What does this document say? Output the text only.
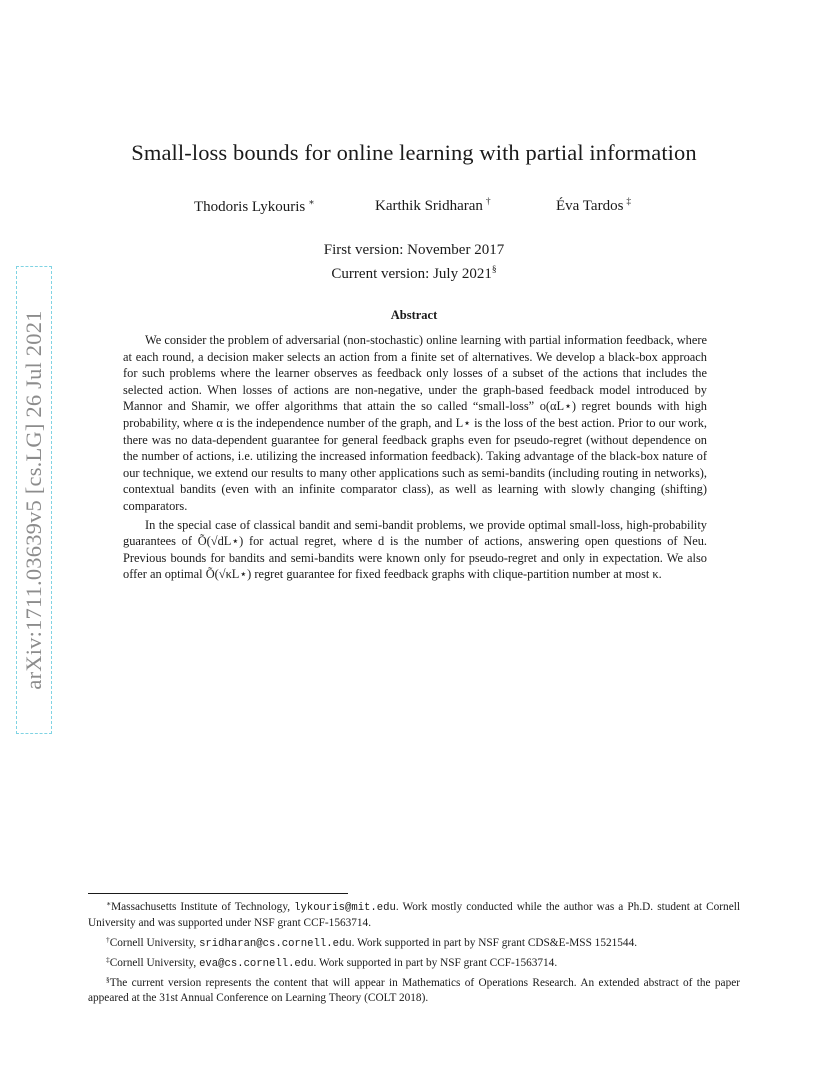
arXiv:1711.03639v5 [cs.LG] 26 Jul 2021
Small-loss bounds for online learning with partial information
Thodoris Lykouris ∗	Karthik Sridharan †	Éva Tardos ‡
First version: November 2017
Current version: July 2021§
Abstract

We consider the problem of adversarial (non-stochastic) online learning with partial information feedback, where at each round, a decision maker selects an action from a finite set of alternatives. We develop a black-box approach for such problems where the learner observes as feedback only losses of a subset of the actions that includes the selected action. When losses of actions are non-negative, under the graph-based feedback model introduced by Mannor and Shamir, we offer algorithms that attain the so called “small-loss” o(αL⋆) regret bounds with high probability, where α is the independence number of the graph, and L⋆ is the loss of the best action. Prior to our work, there was no data-dependent guarantee for general feedback graphs even for pseudo-regret (without dependence on the number of actions, i.e. utilizing the increased information feedback). Taking advantage of the black-box nature of our technique, we extend our results to many other applications such as semi-bandits (including routing in networks), contextual bandits (even with an infinite comparator class), as well as learning with slowly changing (shifting) comparators.

In the special case of classical bandit and semi-bandit problems, we provide optimal small-loss, high-probability guarantees of Õ(√dL⋆) for actual regret, where d is the number of actions, answering open questions of Neu. Previous bounds for bandits and semi-bandits were known only for pseudo-regret and only in expectation. We also offer an optimal Õ(√κL⋆) regret guarantee for fixed feedback graphs with clique-partition number at most κ.

∗Massachusetts Institute of Technology, lykouris@mit.edu. Work mostly conducted while the author was a Ph.D. student at Cornell University and was supported under NSF grant CCF-1563714.

†Cornell University, sridharan@cs.cornell.edu. Work supported in part by NSF grant CDS&E-MSS 1521544.

‡Cornell University, eva@cs.cornell.edu. Work supported in part by NSF grant CCF-1563714.

§The current version represents the content that will appear in Mathematics of Operations Research. An extended abstract of the paper appeared at the 31st Annual Conference on Learning Theory (COLT 2018).
